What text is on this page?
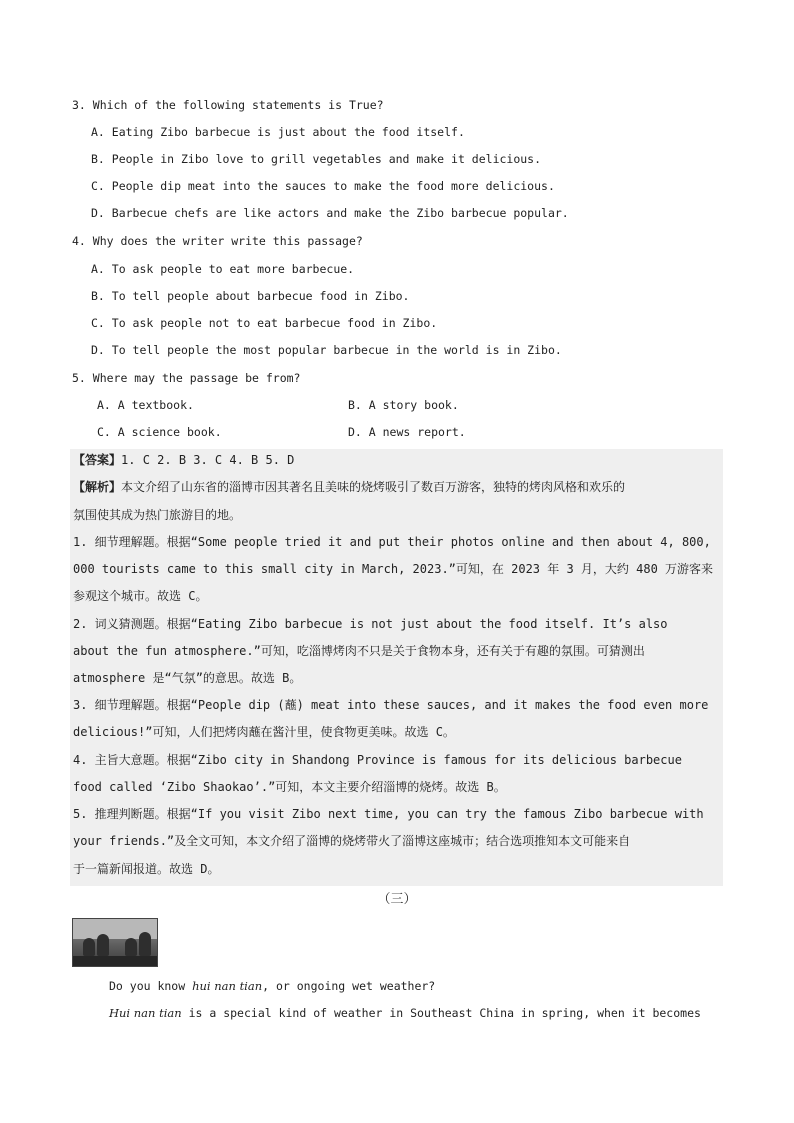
3. Which of the following statements is True?
A. Eating Zibo barbecue is just about the food itself.
B. People in Zibo love to grill vegetables and make it delicious.
C. People dip meat into the sauces to make the food more delicious.
D. Barbecue chefs are like actors and make the Zibo barbecue popular.
4. Why does the writer write this passage?
A. To ask people to eat more barbecue.
B. To tell people about barbecue food in Zibo.
C. To ask people not to eat barbecue food in Zibo.
D. To tell people the most popular barbecue in the world is in Zibo.
5. Where may the passage be from?
A. A textbook.	B. A story book.
C. A science book.	D. A news report.
【答案】1. C 2. B 3. C 4. B 5. D
【解析】本文介绍了山东省的淄博市因其著名且美味的烧烤吸引了数百万游客，独特的烤肉风格和欢乐的
氛围使其成为热门旅游目的地。
1. 细节理解题。根据“Some people tried it and put their photos online and then about 4, 800,
000 tourists came to this small city in March, 2023.”可知，在 2023 年 3 月，大约 480 万游客来
参观这个城市。故选 C。
2. 词义猜测题。根据“Eating Zibo barbecue is not just about the food itself. It’s also
about the fun atmosphere.”可知，吃淄博烤肉不只是关于食物本身，还有关于有趣的氛围。可猜测出
atmosphere 是“气氛”的意思。故选 B。
3. 细节理解题。根据“People dip (蘸) meat into these sauces, and it makes the food even more
delicious!”可知，人们把烤肉蘸在酱汁里，使食物更美味。故选 C。
4. 主旨大意题。根据“Zibo city in Shandong Province is famous for its delicious barbecue
food called ‘Zibo Shaokao’.”可知，本文主要介绍淄博的烧烤。故选 B。
5. 推理判断题。根据“If you visit Zibo next time, you can try the famous Zibo barbecue with
your friends.”及全文可知，本文介绍了淄博的烧烤带火了淄博这座城市；结合选项推知本文可能来自
于一篇新闻报道。故选 D。
（三）
Do you know hui nan tian, or ongoing wet weather?
Hui nan tian is a special kind of weather in Southeast China in spring, when it becomes
